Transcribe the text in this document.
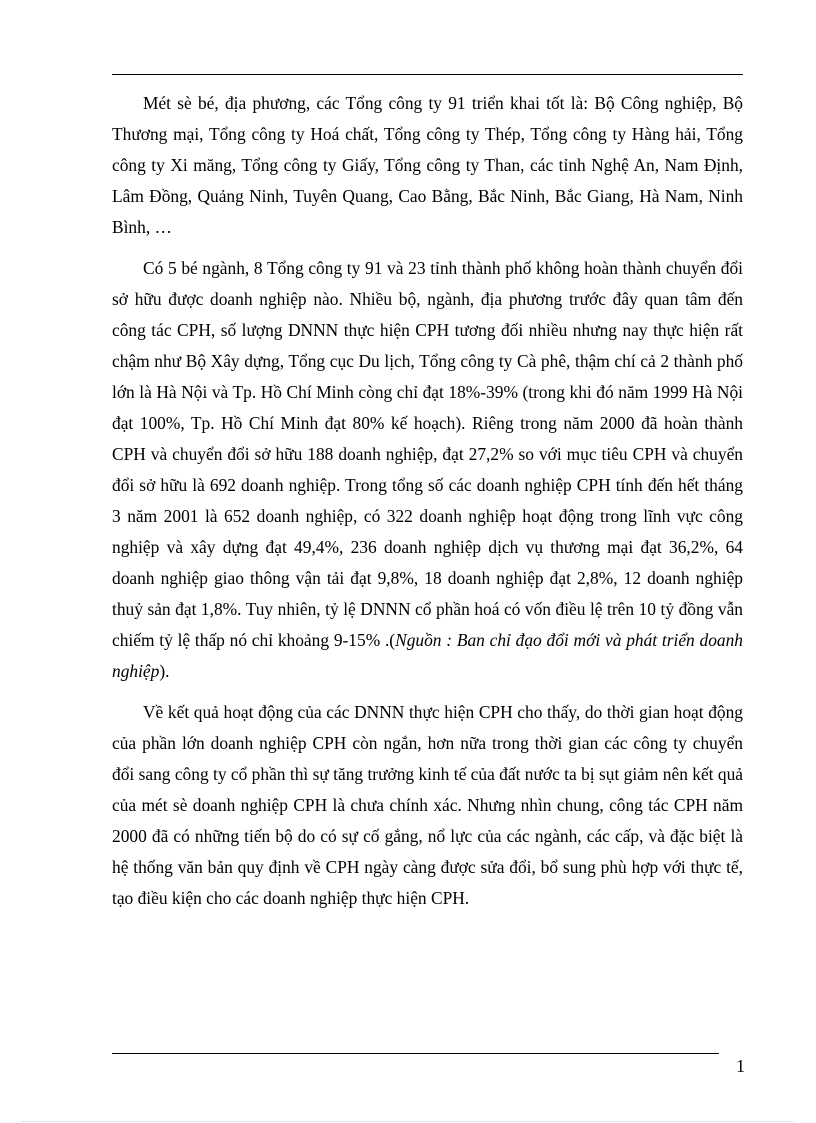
Mét sè bé, địa phương, các Tổng công ty 91 triển khai tốt là: Bộ Công nghiệp, Bộ Thương mại, Tổng công ty Hoá chất, Tổng công ty Thép, Tổng công ty Hàng hải, Tổng công ty Xi măng, Tổng công ty Giấy, Tổng công ty Than, các tỉnh Nghệ An, Nam Định, Lâm Đồng, Quảng Ninh, Tuyên Quang, Cao Bằng, Bắc Ninh, Bắc Giang, Hà Nam, Ninh Bình, …

Có 5 bé ngành, 8 Tổng công ty 91 và 23 tỉnh thành phố không hoàn thành chuyển đổi sở hữu được doanh nghiệp nào. Nhiều bộ, ngành, địa phương trước đây quan tâm đến công tác CPH, số lượng DNNN thực hiện CPH tương đối nhiều nhưng nay thực hiện rất chậm như Bộ Xây dựng, Tổng cục Du lịch, Tổng công ty Cà phê, thậm chí cả 2 thành phố lớn là Hà Nội và Tp. Hồ Chí Minh còng chỉ đạt 18%-39% (trong khi đó năm 1999 Hà Nội đạt 100%, Tp. Hồ Chí Minh đạt 80% kế hoạch). Riêng trong năm 2000 đã hoàn thành CPH và chuyển đổi sở hữu 188 doanh nghiệp, đạt 27,2% so với mục tiêu CPH và chuyển đổi sở hữu là 692 doanh nghiệp. Trong tổng số các doanh nghiệp CPH tính đến hết tháng 3 năm 2001 là 652 doanh nghiệp, có 322 doanh nghiệp hoạt động trong lĩnh vực công nghiệp và xây dựng đạt 49,4%, 236 doanh nghiệp dịch vụ thương mại đạt 36,2%, 64 doanh nghiệp giao thông vận tải đạt 9,8%, 18 doanh nghiệp đạt 2,8%, 12 doanh nghiệp thuỷ sản đạt 1,8%. Tuy nhiên, tỷ lệ DNNN cổ phần hoá có vốn điều lệ trên 10 tỷ đồng vẫn chiếm tỷ lệ thấp nó chỉ khoảng 9-15% .(Nguồn : Ban chỉ đạo đổi mới và phát triển doanh nghiệp).

Về kết quả hoạt động của các DNNN thực hiện CPH cho thấy, do thời gian hoạt động của phần lớn doanh nghiệp CPH còn ngắn, hơn nữa trong thời gian các công ty chuyển đổi sang công ty cổ phần thì sự tăng trưởng kinh tế của đất nước ta bị sụt giảm nên kết quả của mét sè doanh nghiệp CPH là chưa chính xác. Nhưng nhìn chung, công tác CPH năm 2000 đã có những tiến bộ do có sự cố gắng, nổ lực của các ngành, các cấp, và đặc biệt là hệ thống văn bản quy định về CPH ngày càng được sửa đổi, bổ sung phù hợp với thực tế, tạo điều kiện cho các doanh nghiệp thực hiện CPH.

1
